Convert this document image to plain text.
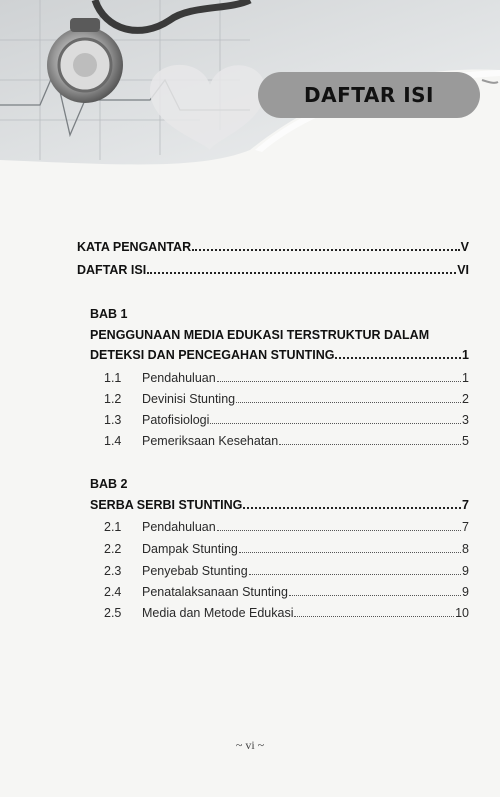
DAFTAR ISI
KATA PENGANTAR	V
DAFTAR ISI	VI
BAB 1
PENGGUNAAN MEDIA EDUKASI TERSTRUKTUR DALAM
DETEKSI DAN PENCEGAHAN STUNTING	1
1.1 Pendahuluan	1
1.2 Devinisi Stunting	2
1.3 Patofisiologi	3
1.4 Pemeriksaan Kesehatan	5
BAB 2
SERBA SERBI STUNTING	7
2.1 Pendahuluan	7
2.2 Dampak Stunting	8
2.3 Penyebab Stunting	9
2.4 Penatalaksanaan Stunting	9
2.5 Media dan Metode Edukasi	10
~ vi ~
